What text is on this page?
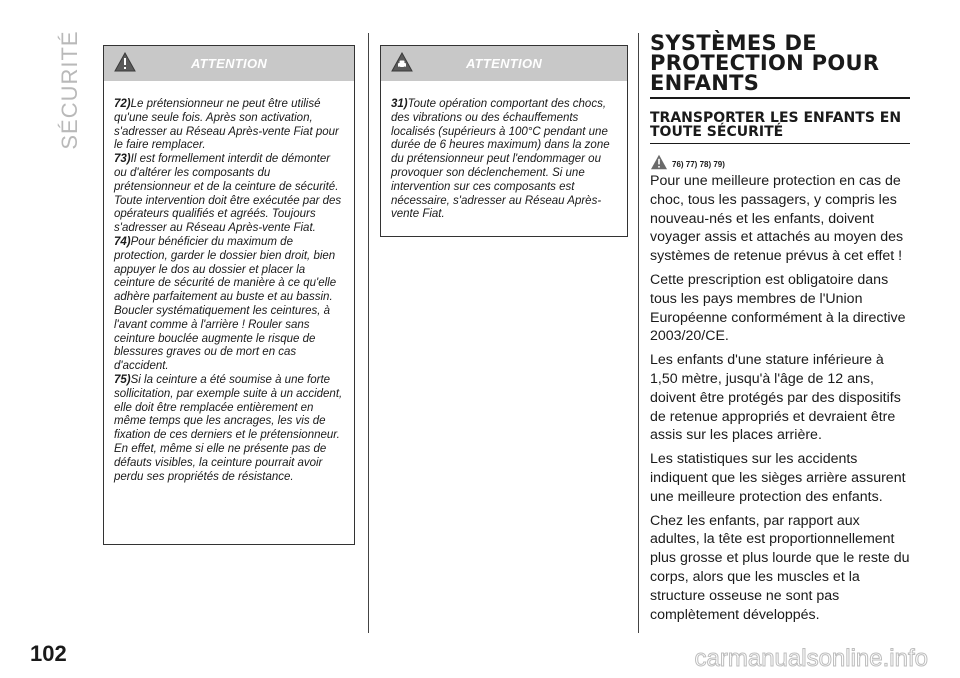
SÉCURITÉ
102
ATTENTION

72)Le prétensionneur ne peut être utilisé qu'une seule fois. Après son activation, s'adresser au Réseau Après-vente Fiat pour le faire remplacer.

73)Il est formellement interdit de démonter ou d'altérer les composants du prétensionneur et de la ceinture de sécurité. Toute intervention doit être exécutée par des opérateurs qualifiés et agréés. Toujours s'adresser au Réseau Après-vente Fiat.

74)Pour bénéficier du maximum de protection, garder le dossier bien droit, bien appuyer le dos au dossier et placer la ceinture de sécurité de manière à ce qu'elle adhère parfaitement au buste et au bassin. Boucler systématiquement les ceintures, à l'avant comme à l'arrière ! Rouler sans ceinture bouclée augmente le risque de blessures graves ou de mort en cas d'accident.

75)Si la ceinture a été soumise à une forte sollicitation, par exemple suite à un accident, elle doit être remplacée entièrement en même temps que les ancrages, les vis de fixation de ces derniers et le prétensionneur. En effet, même si elle ne présente pas de défauts visibles, la ceinture pourrait avoir perdu ses propriétés de résistance.

ATTENTION

31)Toute opération comportant des chocs, des vibrations ou des échauffements localisés (supérieurs à 100°C pendant une durée de 6 heures maximum) dans la zone du prétensionneur peut l'endommager ou provoquer son déclenchement. Si une intervention sur ces composants est nécessaire, s'adresser au Réseau Après-vente Fiat.

SYSTÈMES DE PROTECTION POUR ENFANTS
TRANSPORTER LES ENFANTS EN TOUTE SÉCURITÉ
76) 77) 78) 79)

Pour une meilleure protection en cas de choc, tous les passagers, y compris les nouveau-nés et les enfants, doivent voyager assis et attachés au moyen des systèmes de retenue prévus à cet effet !

Cette prescription est obligatoire dans tous les pays membres de l'Union Européenne conformément à la directive 2003/20/CE.

Les enfants d'une stature inférieure à 1,50 mètre, jusqu'à l'âge de 12 ans, doivent être protégés par des dispositifs de retenue appropriés et devraient être assis sur les places arrière.

Les statistiques sur les accidents indiquent que les sièges arrière assurent une meilleure protection des enfants.

Chez les enfants, par rapport aux adultes, la tête est proportionnellement plus grosse et plus lourde que le reste du corps, alors que les muscles et la structure osseuse ne sont pas complètement développés.

carmanualsonline.info
